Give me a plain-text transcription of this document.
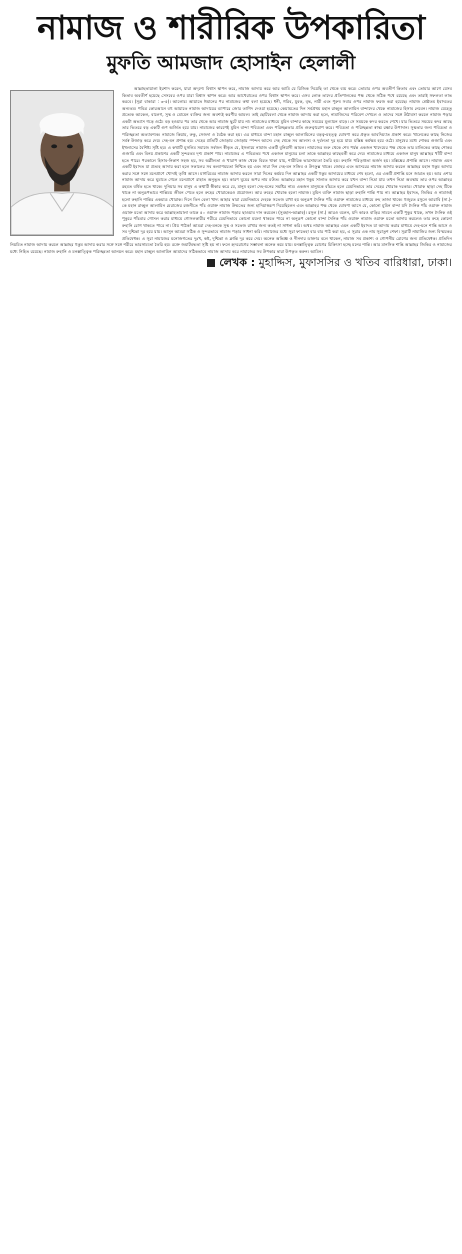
নামাজ ও শারীরিক উপকারিতা
মুফতি আমজাদ হোসাইন হেলালী

আল্লাহতায়ালা ইরশাদ করেন, যারা অদৃশ্যে বিশ্বাস স্থাপন করে, নামাজ আদায় করে আর আমি যে রিজিক দিয়েছি তা থেকে ব্যয় করে। তোমার ওপর অবতীর্ণ কিতাব এবং তোমার আগে যেসব কিতাব অবতীর্ণ হয়েছে সেসবের ওপর যারা বিশ্বাস স্থাপন করে। আর আখেরাতের ওপর বিশ্বাস স্থাপন করে। এসব লোক তাদের প্রতিপালকের পক্ষ থেকে সঠিক পথে রয়েছে এবং তারাই সফলতা লাভ করবে। (সূরা বাকারা : ৩-৫)। আলোচ্য আয়াতে ঈমানের পর নামাজের কথা বলা হয়েছে। ধনী, গরিব, যুবক, বৃদ্ধ, নারী এবং পুরুষ সবার ওপর নামাজ ফরজ করা হয়েছে। নামাজ শ্রেষ্ঠতম ইবাদতের অন্যতম। পবিত্র কোরআনে বহু আয়াতে নামাজ আদায়ের ব্যাপারে জোর তাগিদ দেওয়া হয়েছে। কেয়ামতের দিন সর্বপ্রথম মহান রাব্বুল আলামিন বান্দাদের থেকে নামাজের হিসাব নেবেন। নামাজ যেহেতু প্রত্যেক আকেল, বালেগ, সুস্থ ও মোমেন ব্যক্তির জন্য অবশ্যই করণীয় আমল। তাই ছোটবেলা থেকে নামাজ আদায় করা হলে, নামাজিদের পরিবেশ দেখলে ও তাদের সঙ্গে উঠাবসা করলে নামাজ পড়ার একটা অভ্যাস গড়ে ওঠে। বড় হওয়ার পর তার থেকে আর নামাজ ছুটে যায় না। নামাজের মাধ্যমে মুমিন বান্দার কাছে সময়ের মূল্যায়ন বাড়ে। সে সময়কে কদর করতে শেখে। যার ভিতরে সময়ের কদর আছে তার ভিতরে বড় একটি গুণ অর্জিত হয়ে যায়। নামাজের কারণেই মুমিন বান্দা পবিত্রতা এবং পরিচ্ছন্নতার প্রতি গুরুত্বারোপ করে। পবিত্রতা ও পরিচ্ছন্নতা স্বাস্থ্য রক্ষার উপাদান। সুস্থতার জন্য পবিত্রতা ও পরিচ্ছন্নতা অত্যাবশ্যক। নামাজে কিয়াম, রুকু, সেজদা ও বৈঠক করা হয়। এর মাধ্যমে বান্দা মহান রাব্বুল আলামিনের বড়ত্ব-মহত্ত্ব ঘোষণা করে প্রকৃত আবদিয়্যাত প্রকাশ করে। খালেকের কাছে নিজের সর্বস্ব উজাড় করে দেয়। দেহ-মন প্রশান্ত হয়। দেহের প্রতিটি জোড়ায় জোড়ায় স্পন্দন আসে। দেহ থেকে সব আলস্য ও দুর্বলতা দূর হয়ে যায়। মস্তিষ্ক কর্মক্ষম হয়ে ওঠে। মানুষের মধ্যে শোকর গুজারি এবং ইখলাসের বৈশিষ্ট্য সৃষ্টি হয়। এ কথাটি মুসলিম সমাজে সর্বজন স্বীকৃত যে, ইসলামে নামাজ একটি বুনিয়াদী আমল। নামাজের শুরু থেকে শেষ পর্যন্ত একজন খাদেমের পক্ষ থেকে তার মালিকের কাছে শোকর গুজারি এবং বিনয় প্রকাশের একটি সুন্দরতম দৃশ্য প্রকাশ পায়। নামাজের এ পবিত্রতম পথে একজন মানুষের চলা তাকে আল্লাহর কাছেবর্তী করে দেয়। নামাজের মাধ্যমে একজন মানুষ আল্লাহর খাঁটি বান্দা হতে পারে। পরকালে হিসাব-নিকাশ সহজ হয়, সব অশ্লীলতা ও খারাপ কাজ থেকে বিরত থাকা যায়, শারীরিক ভারসাম্যতা তৈরি হয়। রুহানি পরিতৃপ্ততা অর্জন হয়। মস্তিষ্কের প্রশান্তি আসে। নামাজ এমন একটি ইবাদত যা প্রত্যহ আদায় করা হলে সকালের সব কল্যাণময়তা নিশ্চিত হয় এবং সারা দিন দেহ-মন সজিব ও উৎফুল্ল থাকে। জোহর এবং আসরের নামাজ আদায় করলে আল্লাহর মহান হুকুম আদায় করার সঙ্গে সঙ্গে মনেপ্রাণে খোদাই তৃপ্তি আসে। মাগরিবের নামাজ আদায় করলে সারা দিনের কর্মময় দিন আল্লাহর একটি হুকুম আদায়ের মাধ্যমে শেষ হলো, এর একটি প্রশান্তি মনে জাগ্রত হয়। আর এশার নামাজ আদায় করে ঘুমাতে গেলে মনেপ্রাণে রাহাত অনুভূত হয়। কারণ ঘুমের অপর নাম মউত। আল্লাহর মহান হুকুম সালাত আদায় করে যখন বান্দা নিদ্রা যায় তখন নিদ্রা অবস্থায় তার ওপর আল্লাহর রহমত বর্ষিত হতে থাকে। দুনিয়ার সব মানুষ এ কথাটি স্বীকার করে যে, মানুষ হলো দেহ-মনের সমষ্টির নাম। একজন মানুষকে বাঁচতে হলে যেমনিভাবে তার দেহের খোরাক দরকার। খোরাক ছাড়া দেহ টিকে থাকে না অনুরূপভাবে শান্তিময় জীবন পেতে হলে রুহের খোরাকেরও প্রয়োজন। আর রুহের খোরাক হলো নামাজ। মুমিন ব্যক্তি নামাজ ছাড়া রুহানি শান্তি পায় না। আল্লাহর ইবাদত, জিকির ও নামাজই হলো রুহানি শান্তির একমাত্র খোরাক। দিনে তিন বেলা খাদ্য আহার দ্বারা যেমনিভাবে দেহকে সতেজ রাখা হয় অনুরূপ দৈনিক পাঁচ ওয়াক্ত নামাজের মাধ্যমে রুহ তাজা থাকে। হুজুরত রসুলে আরাবি (সা.)-কে মহান রাব্বুল আলামিন মেরাজের রজনীতে পাঁচ ওয়াক্ত নামাজ উম্মতের জন্য হাদিয়াস্বরূপ দিয়েছিলেন এবং আল্লাহর পক্ষ থেকে ঘোষণা আসে যে, কোনো মুমিন বান্দা যদি দৈনিক পাঁচ ওয়াক্ত নামাজ ওয়াক্ত মতো আদায় করে আল্লাহতায়ালা তাকে ৫০ ওয়াক্ত নামাজ পড়ার ছাওয়াব দান করবেন। (সুবহান-আল্লাহ)। রসুল (সা.) আরও বলেন, যদি কারও বাড়ির সামনে একটি পুকুর থাকে, তখন দৈনিক ওই পুকুরে পাঁচবার গোসল করার মাধ্যমে গোসলকারীর শরীরে যেমনিভাবে কোনো ময়লা থাকতে পারে না অনুরূপ কোনো বান্দা দৈনিক পাঁচ ওয়াক্ত নামাজ ওয়াক্ত মতো আদায় করলেও তার রুহে কোনো রুহানি রোগ থাকতে পারে না। প্রিয় পাঠক! আমরা দেহ-মনকে সুস্থ ও সতেজ রাখার জন্য কতই না সাধনা করি। অথচ নামাজ আল্লাহর এমন একটি ইবাদত যা আদায় করার মাধ্যমে দেহ-মনে শান্তি আসে ও সব দুশ্চিন্তা দূর হয়ে যায়। আসুন আমরা সঠিক ও সুন্দরভাবে নামাজ পড়ার সাধনা করি। নামাজের মধ্যে সূরা ফাতেহা বার বার পাঠ করা হয়, এ সূরার এক নাম সূরাতুশ শেফা। সূরাটি নামাজির জন্য বিস্ময়কর প্রতিষেধক। এ সূরা নামাজের মনোজগতের দুঃখ, কষ্ট, দুশ্চিন্তা ও ক্লান্তি দূর করে দেয়। অনেক অভিজ্ঞ ও দীনদার ডাক্তার বলে থাকেন, নামাজ সব প্রকাশ্য ও গোপনীয় রোগের জন্য প্রতিষেধক। প্রতিদিন নিয়মিত নামাজ আদায় করলে আল্লাহর হুকুম আদায় করার সঙ্গে সঙ্গে শরীরে ভারসাম্যতা তৈরি হয়। রক্তে জমাটবদ্ধতা সৃষ্টি হয় না। ফলে হৃদরোগের সম্ভাবনা অনেক কমে যায়। মনস্তাত্ত্বিক রোগের চিকিৎসা হচ্ছে মনের শান্তি। আর মানসিক শান্তি আল্লাহর জিকির ও নামাজের মধ্যে নিহিত রয়েছে। নামাজ রুহানি ও মনস্তাত্ত্বিক পরিচ্ছন্নতা আনয়ন করে। মহান রাব্বুল আলামিন আমাদের সঠিকভাবে নামাজ আদায় করে নামাজের সব উপকার দ্বারা উপকৃত করুন। আমিন।

লেখক : মুহাদ্দিস, মুফাসসির ও খতিব বারিধারা, ঢাকা।
